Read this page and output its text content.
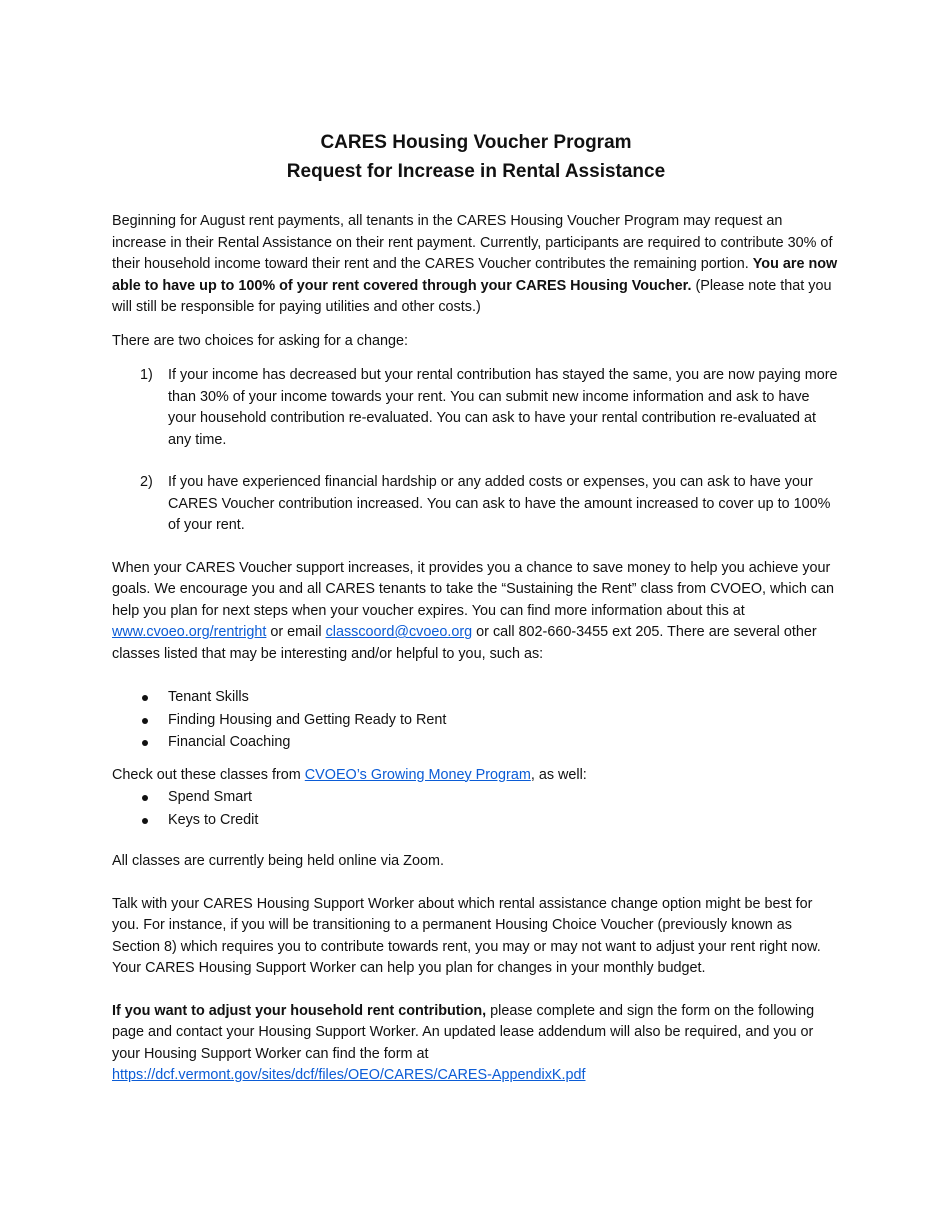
CARES Housing Voucher Program
Request for Increase in Rental Assistance

Beginning for August rent payments, all tenants in the CARES Housing Voucher Program may request an increase in their Rental Assistance on their rent payment. Currently, participants are required to contribute 30% of their household income toward their rent and the CARES Voucher contributes the remaining portion. You are now able to have up to 100% of your rent covered through your CARES Housing Voucher. (Please note that you will still be responsible for paying utilities and other costs.)

There are two choices for asking for a change:

1) If your income has decreased but your rental contribution has stayed the same, you are now paying more than 30% of your income towards your rent. You can submit new income information and ask to have your household contribution re-evaluated. You can ask to have your rental contribution re-evaluated at any time.
2) If you have experienced financial hardship or any added costs or expenses, you can ask to have your CARES Voucher contribution increased. You can ask to have the amount increased to cover up to 100% of your rent.

When your CARES Voucher support increases, it provides you a chance to save money to help you achieve your goals. We encourage you and all CARES tenants to take the “Sustaining the Rent” class from CVOEO, which can help you plan for next steps when your voucher expires. You can find more information about this at www.cvoeo.org/rentright or email classcoord@cvoeo.org or call 802-660-3455 ext 205. There are several other classes listed that may be interesting and/or helpful to you, such as:

Tenant Skills
Finding Housing and Getting Ready to Rent
Financial Coaching

Check out these classes from CVOEO’s Growing Money Program, as well:

Spend Smart
Keys to Credit

All classes are currently being held online via Zoom.

Talk with your CARES Housing Support Worker about which rental assistance change option might be best for you. For instance, if you will be transitioning to a permanent Housing Choice Voucher (previously known as Section 8) which requires you to contribute towards rent, you may or may not want to adjust your rent right now. Your CARES Housing Support Worker can help you plan for changes in your monthly budget.

If you want to adjust your household rent contribution, please complete and sign the form on the following page and contact your Housing Support Worker. An updated lease addendum will also be required, and you or your Housing Support Worker can find the form at
https://dcf.vermont.gov/sites/dcf/files/OEO/CARES/CARES-AppendixK.pdf
